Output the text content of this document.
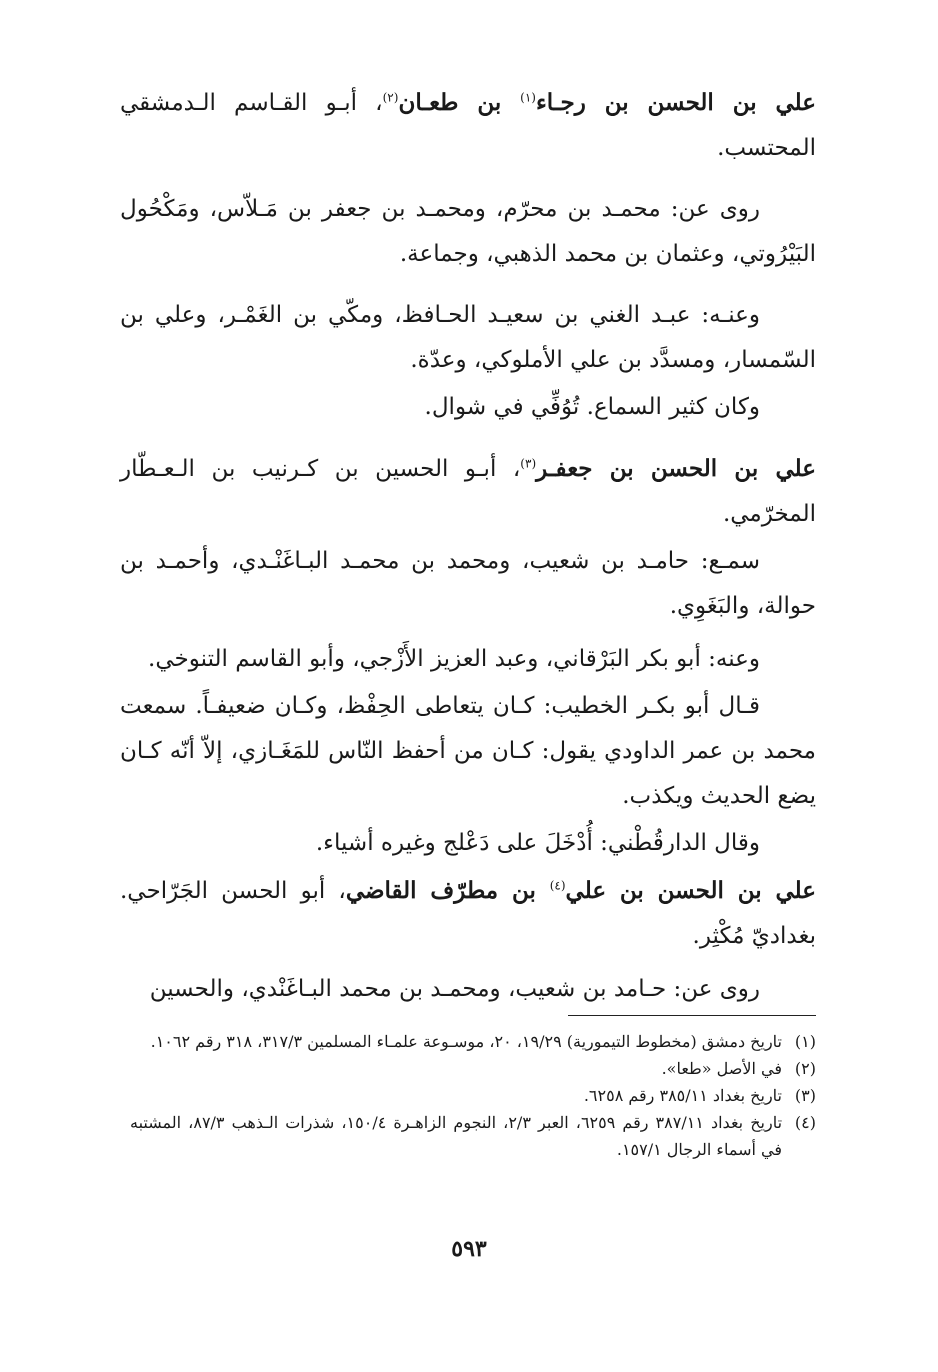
علي بن الحسن بن رجـاء$^{(١)}$ بن طعـان$^{(٢)}$، أبـو القـاسم الـدمشقي المحتسب.

روى عن: محمـد بن محرّم، ومحمـد بن جعفر بن مَـلاّس، ومَكْحُول البَيْرُوتي، وعثمان بن محمد الذهبي، وجماعة.

وعنـه: عبـد الغني بن سعيـد الحـافظ، ومكّي بن الغَمْـر، وعلي بن السّمسار، ومسدَّد بن علي الأملوكي، وعدّة.

وكان كثير السماع. تُوُفِّي في شوال.

علي بن الحسن بن جعفـر$^{(٣)}$، أبـو الحسين بن كـرنيب بن الـعـطّار المخرّمي.

سمـع: حامـد بن شعيب، ومحمد بن محمـد البـاغَنْـدي، وأحمـد بن حوالة، والبَغَوِي.

وعنه: أبو بكر البَرْقاني، وعبد العزيز الأَزْجي، وأبو القاسم التنوخي.

قـال أبو بكـر الخطيب: كـان يتعاطى الحِفْظ، وكـان ضعيفـاً. سمعت محمد بن عمر الداودي يقول: كـان من أحفظ النّاس للمَغَـازي، إلاّ أنّه كـان يضع الحديث ويكذب.

وقال الدارقُطْني: أُدْخَلَ على دَعْلج وغيره أشياء.

علي بن الحسن بن علي$^{(٤)}$ بن مطرّف القاضي، أبو الحسن الجَرّاحي. بغداديّ مُكْثِر.

روى عن: حـامد بن شعيب، ومحمـد بن محمد البـاغَنْدي، والحسين

(١)
تاريخ دمشق (مخطوط التيمورية) ١٩/٢٩، ٢٠، موسـوعة علمـاء المسلمين ٣١٧/٣، ٣١٨ رقم ١٠٦٢.

(٢)
في الأصل «طعا».

(٣)
تاريخ بغداد ٣٨٥/١١ رقم ٦٢٥٨.

(٤)
تاريخ بغداد ٣٨٧/١١ رقم ٦٢٥٩، العبر ٢/٣، النجوم الزاهـرة ١٥٠/٤، شذرات الـذهب ٨٧/٣، المشتبه في أسماء الرجال ١٥٧/١.

٥٩٣
